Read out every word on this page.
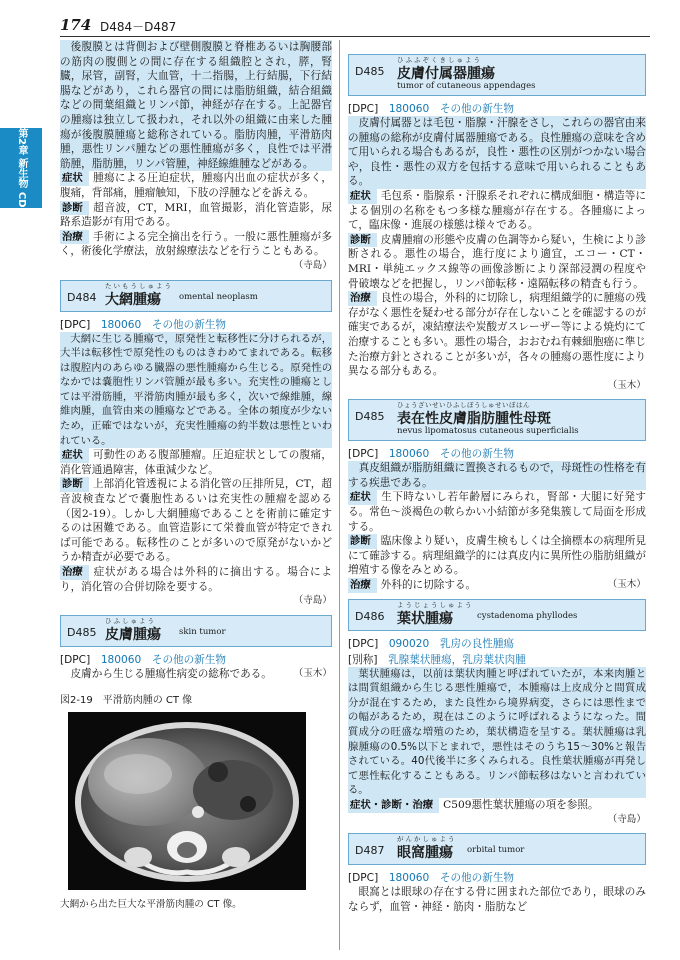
174 D484－D487
第2章 新生物 CD

後腹膜とは背側および壁側腹膜と脊椎あるいは胸腰部の筋肉の腹側との間に存在する組織腔とされ，膵，腎臓，尿管，副腎，大血管，十二指腸，上行結腸，下行結腸などがあり，これら器官の間には脂肪組織，結合組織などの間葉組織とリンパ節，神経が存在する。上記器官の腫瘍は独立して扱われ，それ以外の組織に由来した腫瘍が後腹膜腫瘍と総称されている。脂肪肉腫，平滑筋肉腫，悪性リンパ腫などの悪性腫瘍が多く，良性では平滑筋腫，脂肪腫，リンパ管腫，神経線維腫などがある。

症状 腫瘍による圧迫症状，腫瘍内出血の症状が多く，腹痛，背部痛，腫瘤触知，下肢の浮腫などを訴える。

診断 超音波，CT，MRI，血管撮影，消化管造影，尿路系造影が有用である。

治療 手術による完全摘出を行う。一般に悪性腫瘍が多く，術後化学療法，放射線療法などを行うこともある。

（寺島）

D484
たいもうしゅよう
大網腫瘍 omental neoplasm
[DPC]　 180060　 その他の新生物

大網に生じる腫瘍で，原発性と転移性に分けられるが，大半は転移性で原発性のものはきわめてまれである。転移は腹腔内のあらゆる臓器の悪性腫瘍から生じる。原発性のなかでは嚢胞性リンパ管腫が最も多い。充実性の腫瘍としては平滑筋腫，平滑筋肉腫が最も多く，次いで線維腫，線維肉腫，血管由来の腫瘍などである。全体の頻度が少ないため，正確ではないが，充実性腫瘍の約半数は悪性といわれている。

症状 可動性のある腹部腫瘤。圧迫症状としての腹痛，消化管通過障害，体重減少など。

診断 上部消化管透視による消化管の圧排所見，CT，超音波検査などで嚢胞性あるいは充実性の腫瘤を認める（図2-19）。しかし大網腫瘍であることを術前に確定するのは困難である。血管造影にて栄養血管が特定できれば可能である。転移性のことが多いので原発がないかどうか精査が必要である。

治療 症状がある場合は外科的に摘出する。場合により，消化管の合併切除を要する。

（寺島）

D485
ひふしゅよう
皮膚腫瘍 skin tumor
[DPC]　 180060　 その他の新生物

皮膚から生じる腫瘍性病変の総称である。	（玉木）

図2-19　平滑筋肉腫の CT 像
大網から出た巨大な平滑筋肉腫の CT 像。
D485
ひふふぞくきしゅよう
皮膚付属器腫瘍
tumor of cutaneous appendages
[DPC]　 180060　 その他の新生物

皮膚付属器とは毛包・脂腺・汗腺をさし，これらの器官由来の腫瘍の総称が皮膚付属器腫瘍である。良性腫瘍の意味を含めて用いられる場合もあるが，良性・悪性の区別がつかない場合や，良性・悪性の双方を包括する意味で用いられることもある。

症状 毛包系・脂腺系・汗腺系それぞれに構成細胞・構造等による個別の名称をもつ多様な腫瘍が存在する。各腫瘍によって，臨床像・進展の様態は様々である。

診断 皮膚腫瘤の形態や皮膚の色調等から疑い，生検により診断される。悪性の場合，進行度により適宜，エコー・CT・MRI・単純エックス線等の画像診断により深部浸潤の程度や骨破壊などを把握し，リンパ節転移・遠隔転移の精査も行う。

治療 良性の場合，外科的に切除し，病理組織学的に腫瘍の残存がなく悪性を疑わせる部分が存在しないことを確認するのが確実であるが，凍結療法や炭酸ガスレーザー等による焼灼にて治療することも多い。悪性の場合，おおむね有棘細胞癌に準じた治療方針とされることが多いが，各々の腫瘍の悪性度により異なる部分もある。

（玉木）

D485
ひょうざいせいひふしぼうしゅせいぼはん
表在性皮膚脂肪腫性母斑
nevus lipomatosus cutaneous superficialis
[DPC]　 180060　 その他の新生物

真皮組織が脂肪組織に置換されるもので，母斑性の性格を有する疾患である。

症状 生下時ないし若年齢層にみられ，腎部・大腿に好発する。常色～淡褐色の軟らかい小結節が多発集簇して局面を形成する。

診断 臨床像より疑い，皮膚生検もしくは全摘標本の病理所見にて確診する。病理組織学的には真皮内に異所性の脂肪組織が増殖する像をみとめる。

治療 外科的に切除する。	（玉木）

D486
ようじょうしゅよう
葉状腫瘍	cystadenoma phyllodes
[DPC]　 090020　 乳房の良性腫瘍
[別称]　 乳腺葉状腫瘍，乳房葉状肉腫

葉状腫瘍は，以前は葉状肉腫と呼ばれていたが，本来肉腫とは間質組織から生じる悪性腫瘍で，本腫瘍は上皮成分と間質成分が混在するため，また良性から境界病変，さらには悪性までの幅があるため，現在はこのように呼ばれるようになった。間質成分の旺盛な増殖のため，葉状構造を呈する。葉状腫瘍は乳腺腫瘍の0.5%以下とまれで，悪性はそのうち15～30%と報告されている。40代後半に多くみられる。良性葉状腫瘍が再発して悪性転化することもある。リンパ節転移はないと言われている。

症状・診断・治療 C509悪性葉状腫瘍の項を参照。

（寺島）

D487
がんかしゅよう
眼窩腫瘍 orbital tumor
[DPC]　 180060　 その他の新生物

眼窩とは眼球の存在する骨に囲まれた部位であり，眼球のみならず，血管・神経・筋肉・脂肪など
